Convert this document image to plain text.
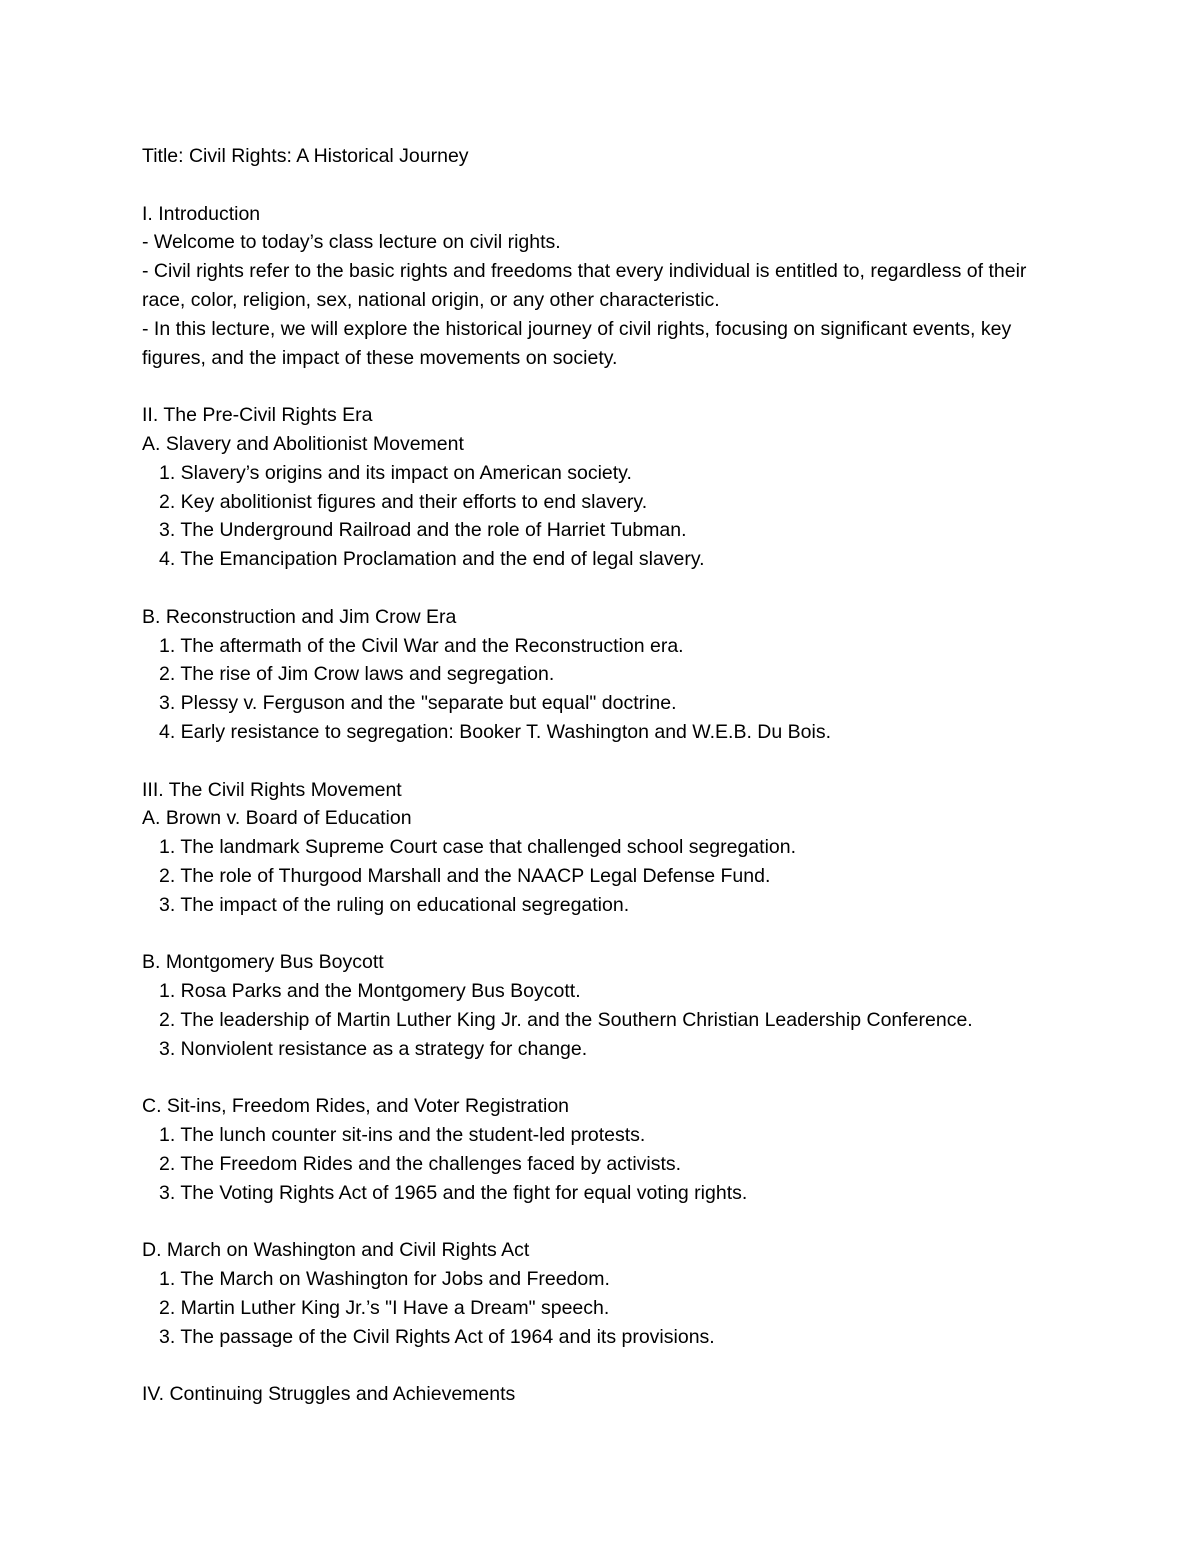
Title: Civil Rights: A Historical Journey
I. Introduction
- Welcome to today’s class lecture on civil rights.
- Civil rights refer to the basic rights and freedoms that every individual is entitled to, regardless of their race, color, religion, sex, national origin, or any other characteristic.
- In this lecture, we will explore the historical journey of civil rights, focusing on significant events, key figures, and the impact of these movements on society.
II. The Pre-Civil Rights Era
A. Slavery and Abolitionist Movement
1. Slavery’s origins and its impact on American society.
2. Key abolitionist figures and their efforts to end slavery.
3. The Underground Railroad and the role of Harriet Tubman.
4. The Emancipation Proclamation and the end of legal slavery.
B. Reconstruction and Jim Crow Era
1. The aftermath of the Civil War and the Reconstruction era.
2. The rise of Jim Crow laws and segregation.
3. Plessy v. Ferguson and the "separate but equal" doctrine.
4. Early resistance to segregation: Booker T. Washington and W.E.B. Du Bois.
III. The Civil Rights Movement
A. Brown v. Board of Education
1. The landmark Supreme Court case that challenged school segregation.
2. The role of Thurgood Marshall and the NAACP Legal Defense Fund.
3. The impact of the ruling on educational segregation.
B. Montgomery Bus Boycott
1. Rosa Parks and the Montgomery Bus Boycott.
2. The leadership of Martin Luther King Jr. and the Southern Christian Leadership Conference.
3. Nonviolent resistance as a strategy for change.
C. Sit-ins, Freedom Rides, and Voter Registration
1. The lunch counter sit-ins and the student-led protests.
2. The Freedom Rides and the challenges faced by activists.
3. The Voting Rights Act of 1965 and the fight for equal voting rights.
D. March on Washington and Civil Rights Act
1. The March on Washington for Jobs and Freedom.
2. Martin Luther King Jr.’s "I Have a Dream" speech.
3. The passage of the Civil Rights Act of 1964 and its provisions.
IV. Continuing Struggles and Achievements
